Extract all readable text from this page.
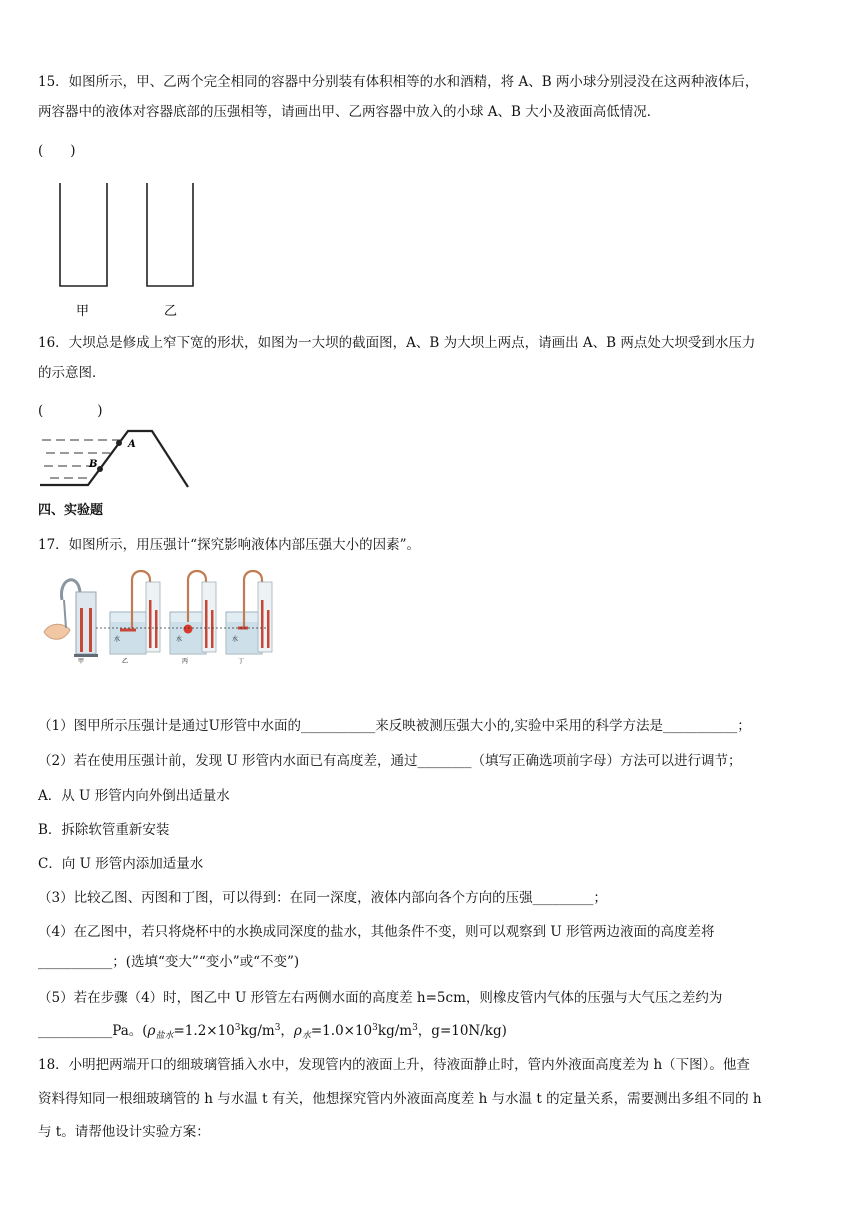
15．如图所示，甲、乙两个完全相同的容器中分别装有体积相等的水和酒精，将 A、B 两小球分别浸没在这两种液体后，
两容器中的液体对容器底部的压强相等，请画出甲、乙两容器中放入的小球 A、B 大小及液面高低情况．
(　　)
甲	乙
16．大坝总是修成上窄下宽的形状，如图为一大坝的截面图，A、B 为大坝上两点，请画出 A、B 两点处大坝受到水压力
的示意图．
(　　　　)
A
B
四、实验题
17．如图所示，用压强计“探究影响液体内部压强大小的因素”。
甲
水
乙
水
丙
水
丁
（1）图甲所示压强计是通过U形管中水面的___________来反映被测压强大小的,实验中采用的科学方法是___________；
（2）若在使用压强计前，发现 U 形管内水面已有高度差，通过________（填写正确选项前字母）方法可以进行调节；
A．从 U 形管内向外倒出适量水
B．拆除软管重新安装
C．向 U 形管内添加适量水
（3）比较乙图、丙图和丁图，可以得到：在同一深度，液体内部向各个方向的压强_________；
（4）在乙图中，若只将烧杯中的水换成同深度的盐水，其他条件不变，则可以观察到 U 形管两边液面的高度差将
___________；(选填“变大”“变小”或“不变”)
（5）若在步骤（4）时，图乙中 U 形管左右两侧水面的高度差 h=5cm，则橡皮管内气体的压强与大气压之差约为
___________Pa。($\rho_{盐水}=1.2\times 10^3kg/m^3$，$\rho_水=1.0\times 10^3kg/m^3$，g=10N/kg)
18．小明把两端开口的细玻璃管插入水中，发现管内的液面上升，待液面静止时，管内外液面高度差为 h（下图）。他查
资料得知同一根细玻璃管的 h 与水温 t 有关，他想探究管内外液面高度差 h 与水温 t 的定量关系，需要测出多组不同的 h
与 t。请帮他设计实验方案：
